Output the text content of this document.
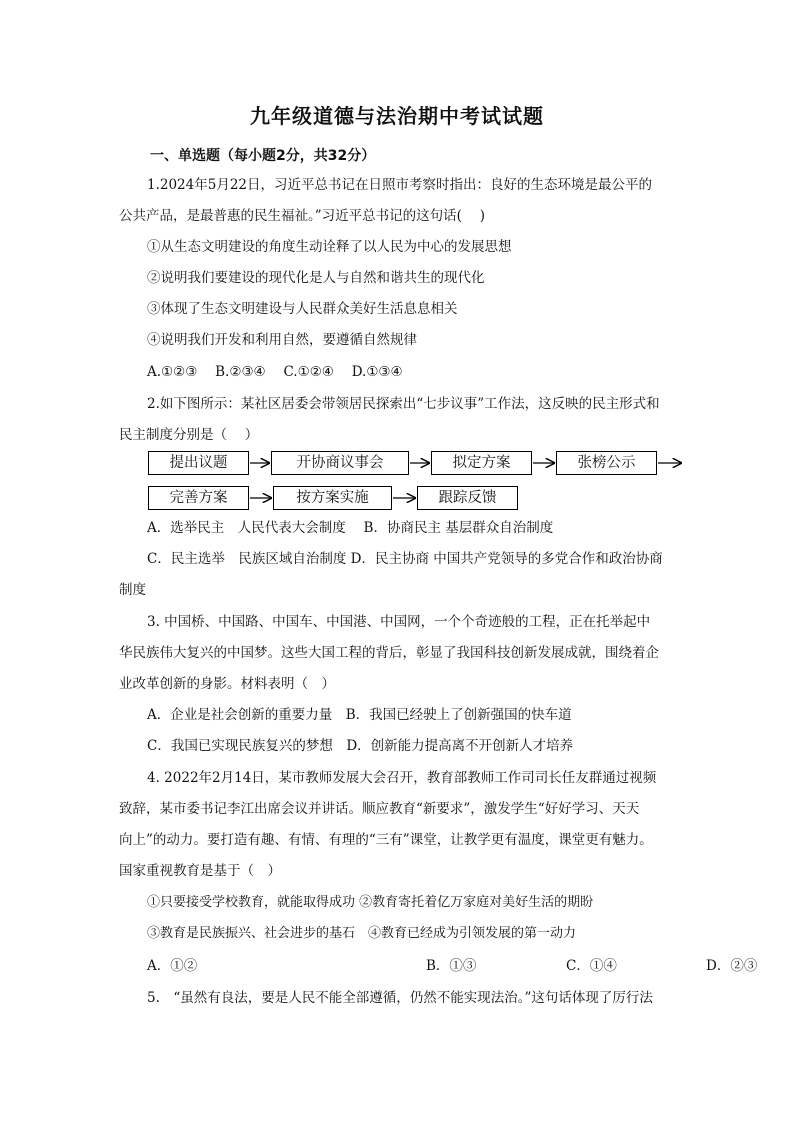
九年级道德与法治期中考试试题
一、单选题（每小题2分，共32分）
1.2024年5月22日，习近平总书记在日照市考察时指出：良好的生态环境是最公平的
公共产品，是最普惠的民生福祉。”习近平总书记的这句话(　 )
①从生态文明建设的角度生动诠释了以人民为中心的发展思想
②说明我们要建设的现代化是人与自然和谐共生的现代化
③体现了生态文明建设与人民群众美好生活息息相关
④说明我们开发和利用自然，要遵循自然规律
A.①②③　 B.②③④　 C.①②④　 D.①③④
2.如下图所示：某社区居委会带领居民探索出“七步议事”工作法，这反映的民主形式和
民主制度分别是（　 ）
提出议题	开协商议事会	拟定方案	张榜公示
完善方案	按方案实施	跟踪反馈
A．选举民主　人民代表大会制度　 B．协商民主 基层群众自治制度
C．民主选举　民族区域自治制度 D．民主协商 中国共产党领导的多党合作和政治协商
制度
3. 中国桥、中国路、中国车、中国港、中国网，一个个奇迹般的工程，正在托举起中
华民族伟大复兴的中国梦。这些大国工程的背后，彰显了我国科技创新发展成就，围绕着企
业改革创新的身影。材料表明（　）
A．企业是社会创新的重要力量　B．我国已经驶上了创新强国的快车道
C．我国已实现民族复兴的梦想　D．创新能力提高离不开创新人才培养
4. 2022年2月14日，某市教师发展大会召开，教育部教师工作司司长任友群通过视频
致辞，某市委书记李江出席会议并讲话。顺应教育“新要求”，激发学生“好好学习、天天
向上”的动力。要打造有趣、有情、有理的“三有”课堂，让教学更有温度，课堂更有魅力。
国家重视教育是基于（　）
①只要接受学校教育，就能取得成功 ②教育寄托着亿万家庭对美好生活的期盼
③教育是民族振兴、社会进步的基石　④教育已经成为引领发展的第一动力
A．①②	B．①③	C．①④	D．②③
5.　“虽然有良法，要是人民不能全部遵循，仍然不能实现法治。”这句话体现了厉行法
